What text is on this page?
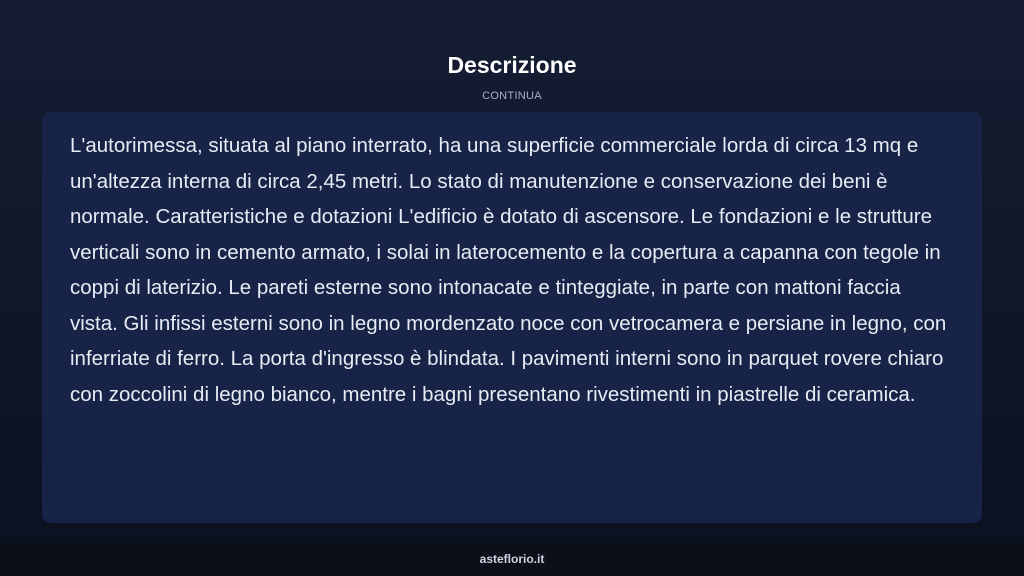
Descrizione
CONTINUA

L'autorimessa, situata al piano interrato, ha una superficie commerciale lorda di circa 13 mq e un'altezza interna di circa 2,45 metri. Lo stato di manutenzione e conservazione dei beni è normale. Caratteristiche e dotazioni L'edificio è dotato di ascensore. Le fondazioni e le strutture verticali sono in cemento armato, i solai in laterocemento e la copertura a capanna con tegole in coppi di laterizio. Le pareti esterne sono intonacate e tinteggiate, in parte con mattoni faccia vista. Gli infissi esterni sono in legno mordenzato noce con vetrocamera e persiane in legno, con inferriate di ferro. La porta d'ingresso è blindata. I pavimenti interni sono in parquet rovere chiaro con zoccolini di legno bianco, mentre i bagni presentano rivestimenti in piastrelle di ceramica.

asteflorio.it
